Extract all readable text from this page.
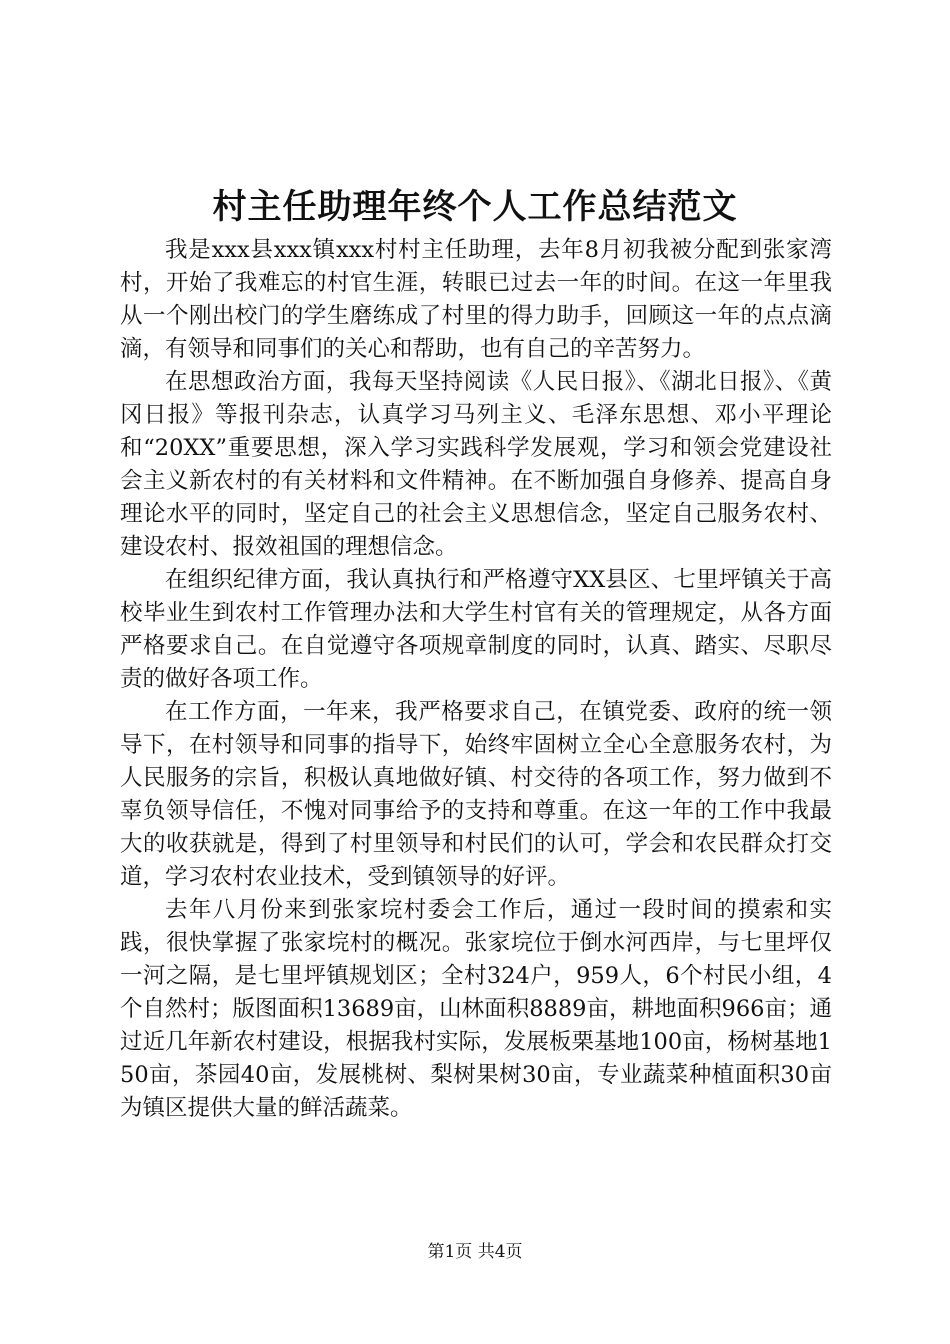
村主任助理年终个人工作总结范文

我是xxx县xxx镇xxx村村主任助理，去年8月初我被分配到张家湾村，开始了我难忘的村官生涯，转眼已过去一年的时间。在这一年里我从一个刚出校门的学生磨练成了村里的得力助手，回顾这一年的点点滴滴，有领导和同事们的关心和帮助，也有自己的辛苦努力。

在思想政治方面，我每天坚持阅读《人民日报》、《湖北日报》、《黄冈日报》等报刊杂志，认真学习马列主义、毛泽东思想、邓小平理论和“20XX”重要思想，深入学习实践科学发展观，学习和领会党建设社会主义新农村的有关材料和文件精神。在不断加强自身修养、提高自身理论水平的同时，坚定自己的社会主义思想信念，坚定自己服务农村、建设农村、报效祖国的理想信念。

在组织纪律方面，我认真执行和严格遵守XX县区、七里坪镇关于高校毕业生到农村工作管理办法和大学生村官有关的管理规定，从各方面严格要求自己。在自觉遵守各项规章制度的同时，认真、踏实、尽职尽责的做好各项工作。

在工作方面，一年来，我严格要求自己，在镇党委、政府的统一领导下，在村领导和同事的指导下，始终牢固树立全心全意服务农村，为人民服务的宗旨，积极认真地做好镇、村交待的各项工作，努力做到不辜负领导信任，不愧对同事给予的支持和尊重。在这一年的工作中我最大的收获就是，得到了村里领导和村民们的认可，学会和农民群众打交道，学习农村农业技术，受到镇领导的好评。

去年八月份来到张家垸村委会工作后，通过一段时间的摸索和实践，很快掌握了张家垸村的概况。张家垸位于倒水河西岸，与七里坪仅一河之隔，是七里坪镇规划区；全村324户，959人，6个村民小组，4个自然村；版图面积13689亩，山林面积8889亩，耕地面积966亩；通过近几年新农村建设，根据我村实际，发展板栗基地100亩，杨树基地150亩，茶园40亩，发展桃树、梨树果树30亩，专业蔬菜种植面积30亩为镇区提供大量的鲜活蔬菜。

第1页 共4页
